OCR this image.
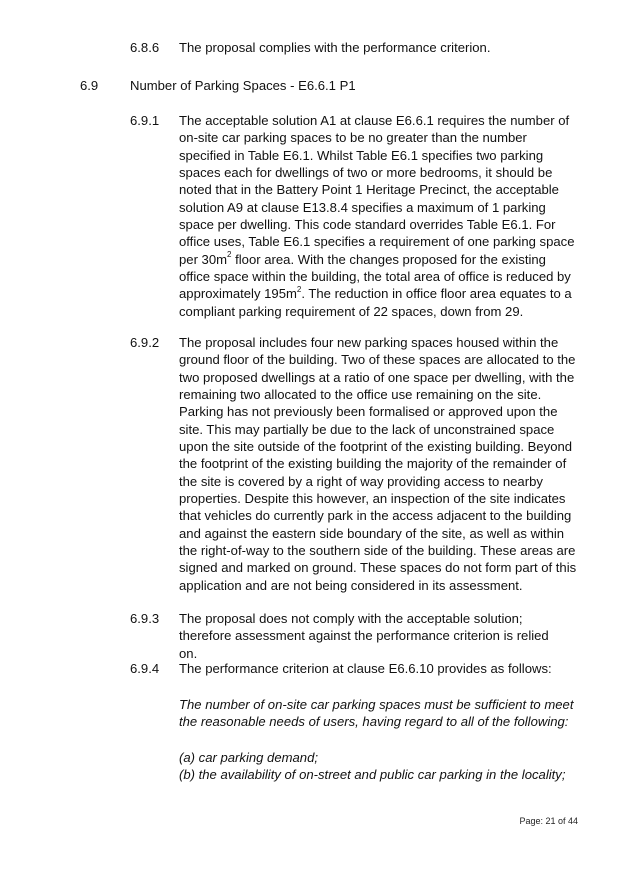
6.8.6 The proposal complies with the performance criterion.
6.9 Number of Parking Spaces - E6.6.1 P1
6.9.1 The acceptable solution A1 at clause E6.6.1 requires the number of on-site car parking spaces to be no greater than the number specified in Table E6.1. Whilst Table E6.1 specifies two parking spaces each for dwellings of two or more bedrooms, it should be noted that in the Battery Point 1 Heritage Precinct, the acceptable solution A9 at clause E13.8.4 specifies a maximum of 1 parking space per dwelling. This code standard overrides Table E6.1. For office uses, Table E6.1 specifies a requirement of one parking space per $30m^2$ floor area. With the changes proposed for the existing office space within the building, the total area of office is reduced by approximately $195m^2$. The reduction in office floor area equates to a compliant parking requirement of 22 spaces, down from 29.
6.9.2 The proposal includes four new parking spaces housed within the ground floor of the building. Two of these spaces are allocated to the two proposed dwellings at a ratio of one space per dwelling, with the remaining two allocated to the office use remaining on the site. Parking has not previously been formalised or approved upon the site. This may partially be due to the lack of unconstrained space upon the site outside of the footprint of the existing building. Beyond the footprint of the existing building the majority of the remainder of the site is covered by a right of way providing access to nearby properties. Despite this however, an inspection of the site indicates that vehicles do currently park in the access adjacent to the building and against the eastern side boundary of the site, as well as within the right-of-way to the southern side of the building. These areas are signed and marked on ground. These spaces do not form part of this application and are not being considered in its assessment.
6.9.3 The proposal does not comply with the acceptable solution; therefore assessment against the performance criterion is relied on.
6.9.4 The performance criterion at clause E6.6.10 provides as follows:
The number of on-site car parking spaces must be sufficient to meet the reasonable needs of users, having regard to all of the following:
(a) car parking demand;
(b) the availability of on-street and public car parking in the locality;
Page: 21 of 44
